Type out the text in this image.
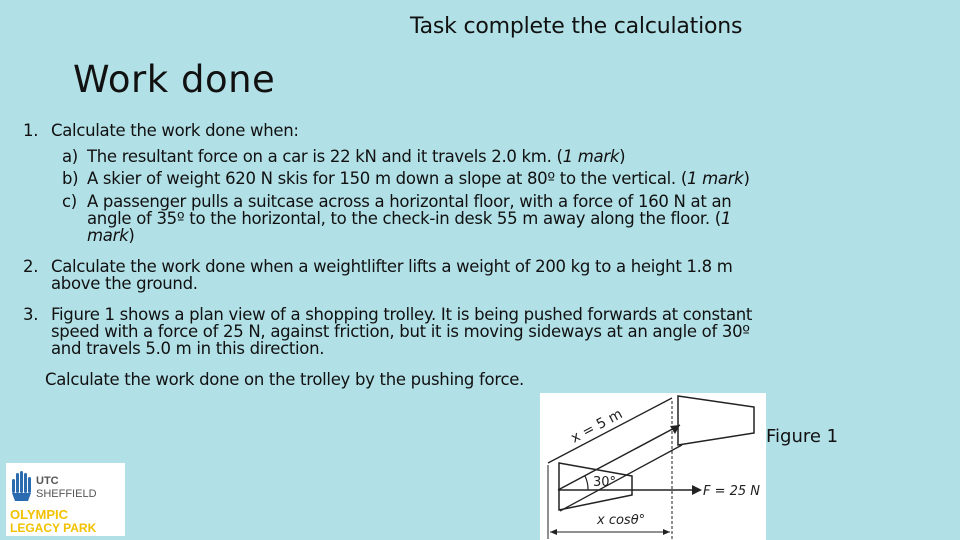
Task complete the calculations
Work done
1. Calculate the work done when:
a) The resultant force on a car is 22 kN and it travels 2.0 km. (1 mark)
b) A skier of weight 620 N skis for 150 m down a slope at 80º to the vertical. (1 mark)
c) A passenger pulls a suitcase across a horizontal floor, with a force of 160 N at an
angle of 35º to the horizontal, to the check-in desk 55 m away along the floor. (1
mark)
2. Calculate the work done when a weightlifter lifts a weight of 200 kg to a height 1.8 m
above the ground.
3. Figure 1 shows a plan view of a shopping trolley. It is being pushed forwards at constant
speed with a force of 25 N, against friction, but it is moving sideways at an angle of 30º
and travels 5.0 m in this direction.
Calculate the work done on the trolley by the pushing force.
x = 5 m
30°
F = 25 N
x cosθ°
Figure 1
UTC
SHEFFIELD
OLYMPIC
LEGACY PARK
